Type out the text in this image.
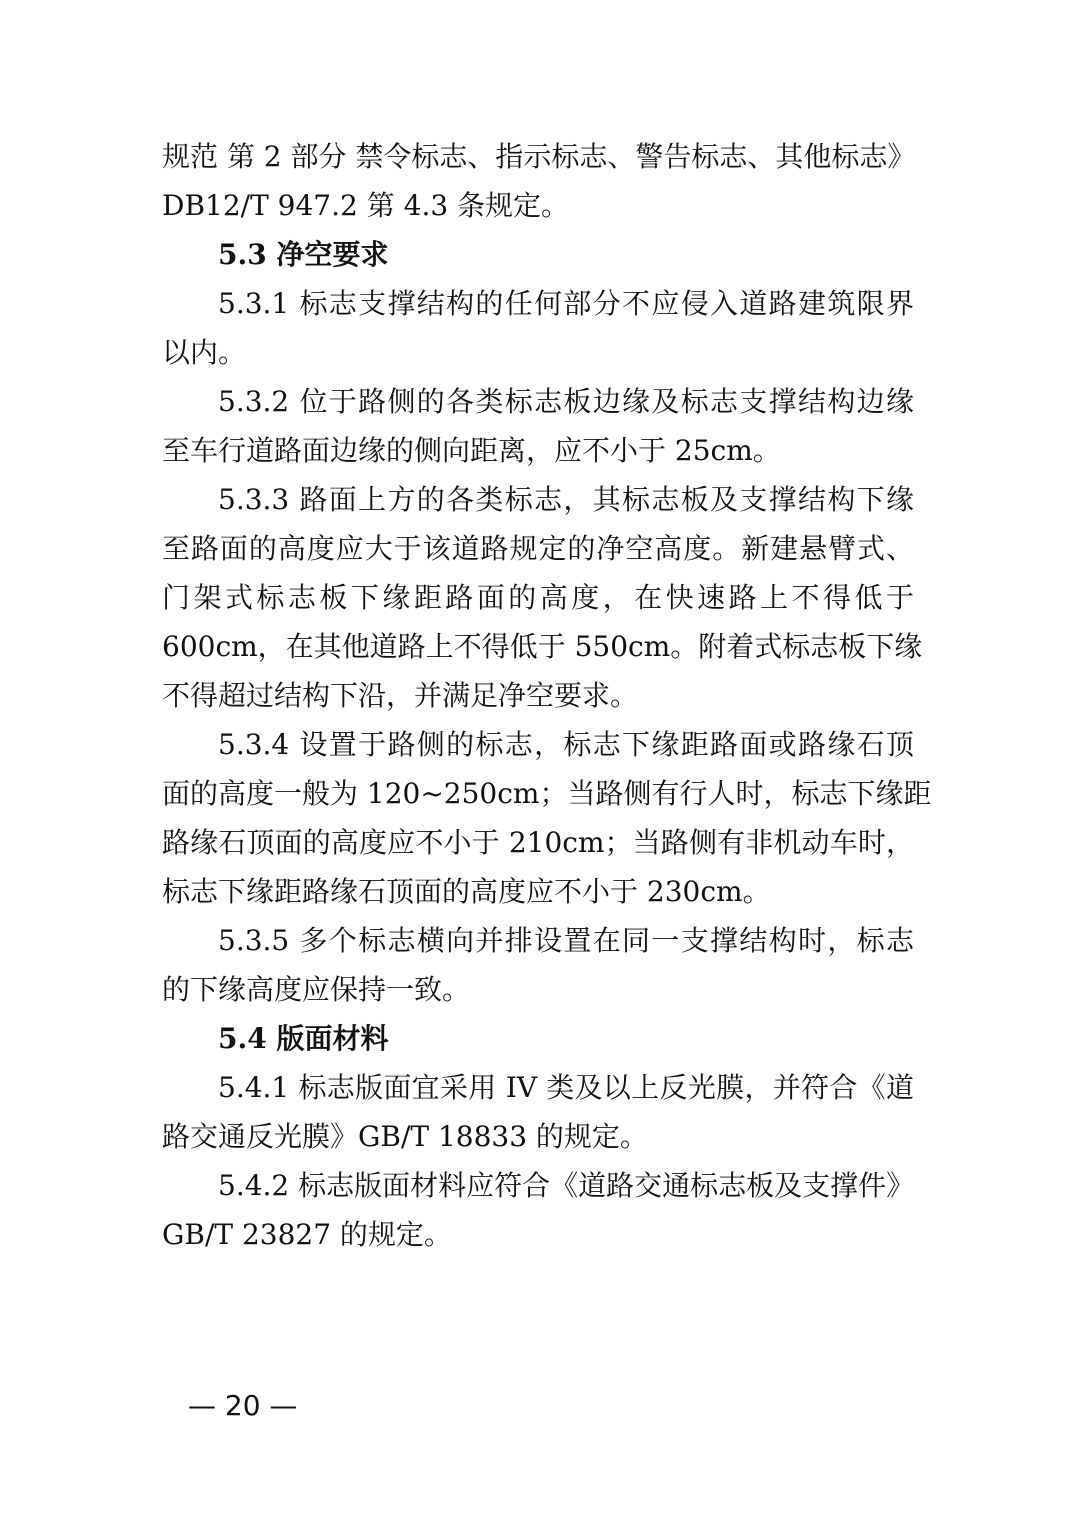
规范 第 2 部分 禁令标志、指示标志、警告标志、其他标志》
DB12/T 947.2 第 4.3 条规定。
5.3 净空要求
5.3.1 标志支撑结构的任何部分不应侵入道路建筑限界
以内。
5.3.2 位于路侧的各类标志板边缘及标志支撑结构边缘
至车行道路面边缘的侧向距离，应不小于 25cm。
5.3.3 路面上方的各类标志，其标志板及支撑结构下缘
至路面的高度应大于该道路规定的净空高度。新建悬臂式、
门架式标志板下缘距路面的高度，在快速路上不得低于
600cm，在其他道路上不得低于 550cm。附着式标志板下缘
不得超过结构下沿，并满足净空要求。
5.3.4 设置于路侧的标志，标志下缘距路面或路缘石顶
面的高度一般为 120~250cm；当路侧有行人时，标志下缘距
路缘石顶面的高度应不小于 210cm；当路侧有非机动车时，
标志下缘距路缘石顶面的高度应不小于 230cm。
5.3.5 多个标志横向并排设置在同一支撑结构时，标志
的下缘高度应保持一致。
5.4 版面材料
5.4.1 标志版面宜采用 IV 类及以上反光膜，并符合《道
路交通反光膜》GB/T 18833 的规定。
5.4.2 标志版面材料应符合《道路交通标志板及支撑件》
GB/T 23827 的规定。
— 20 —
